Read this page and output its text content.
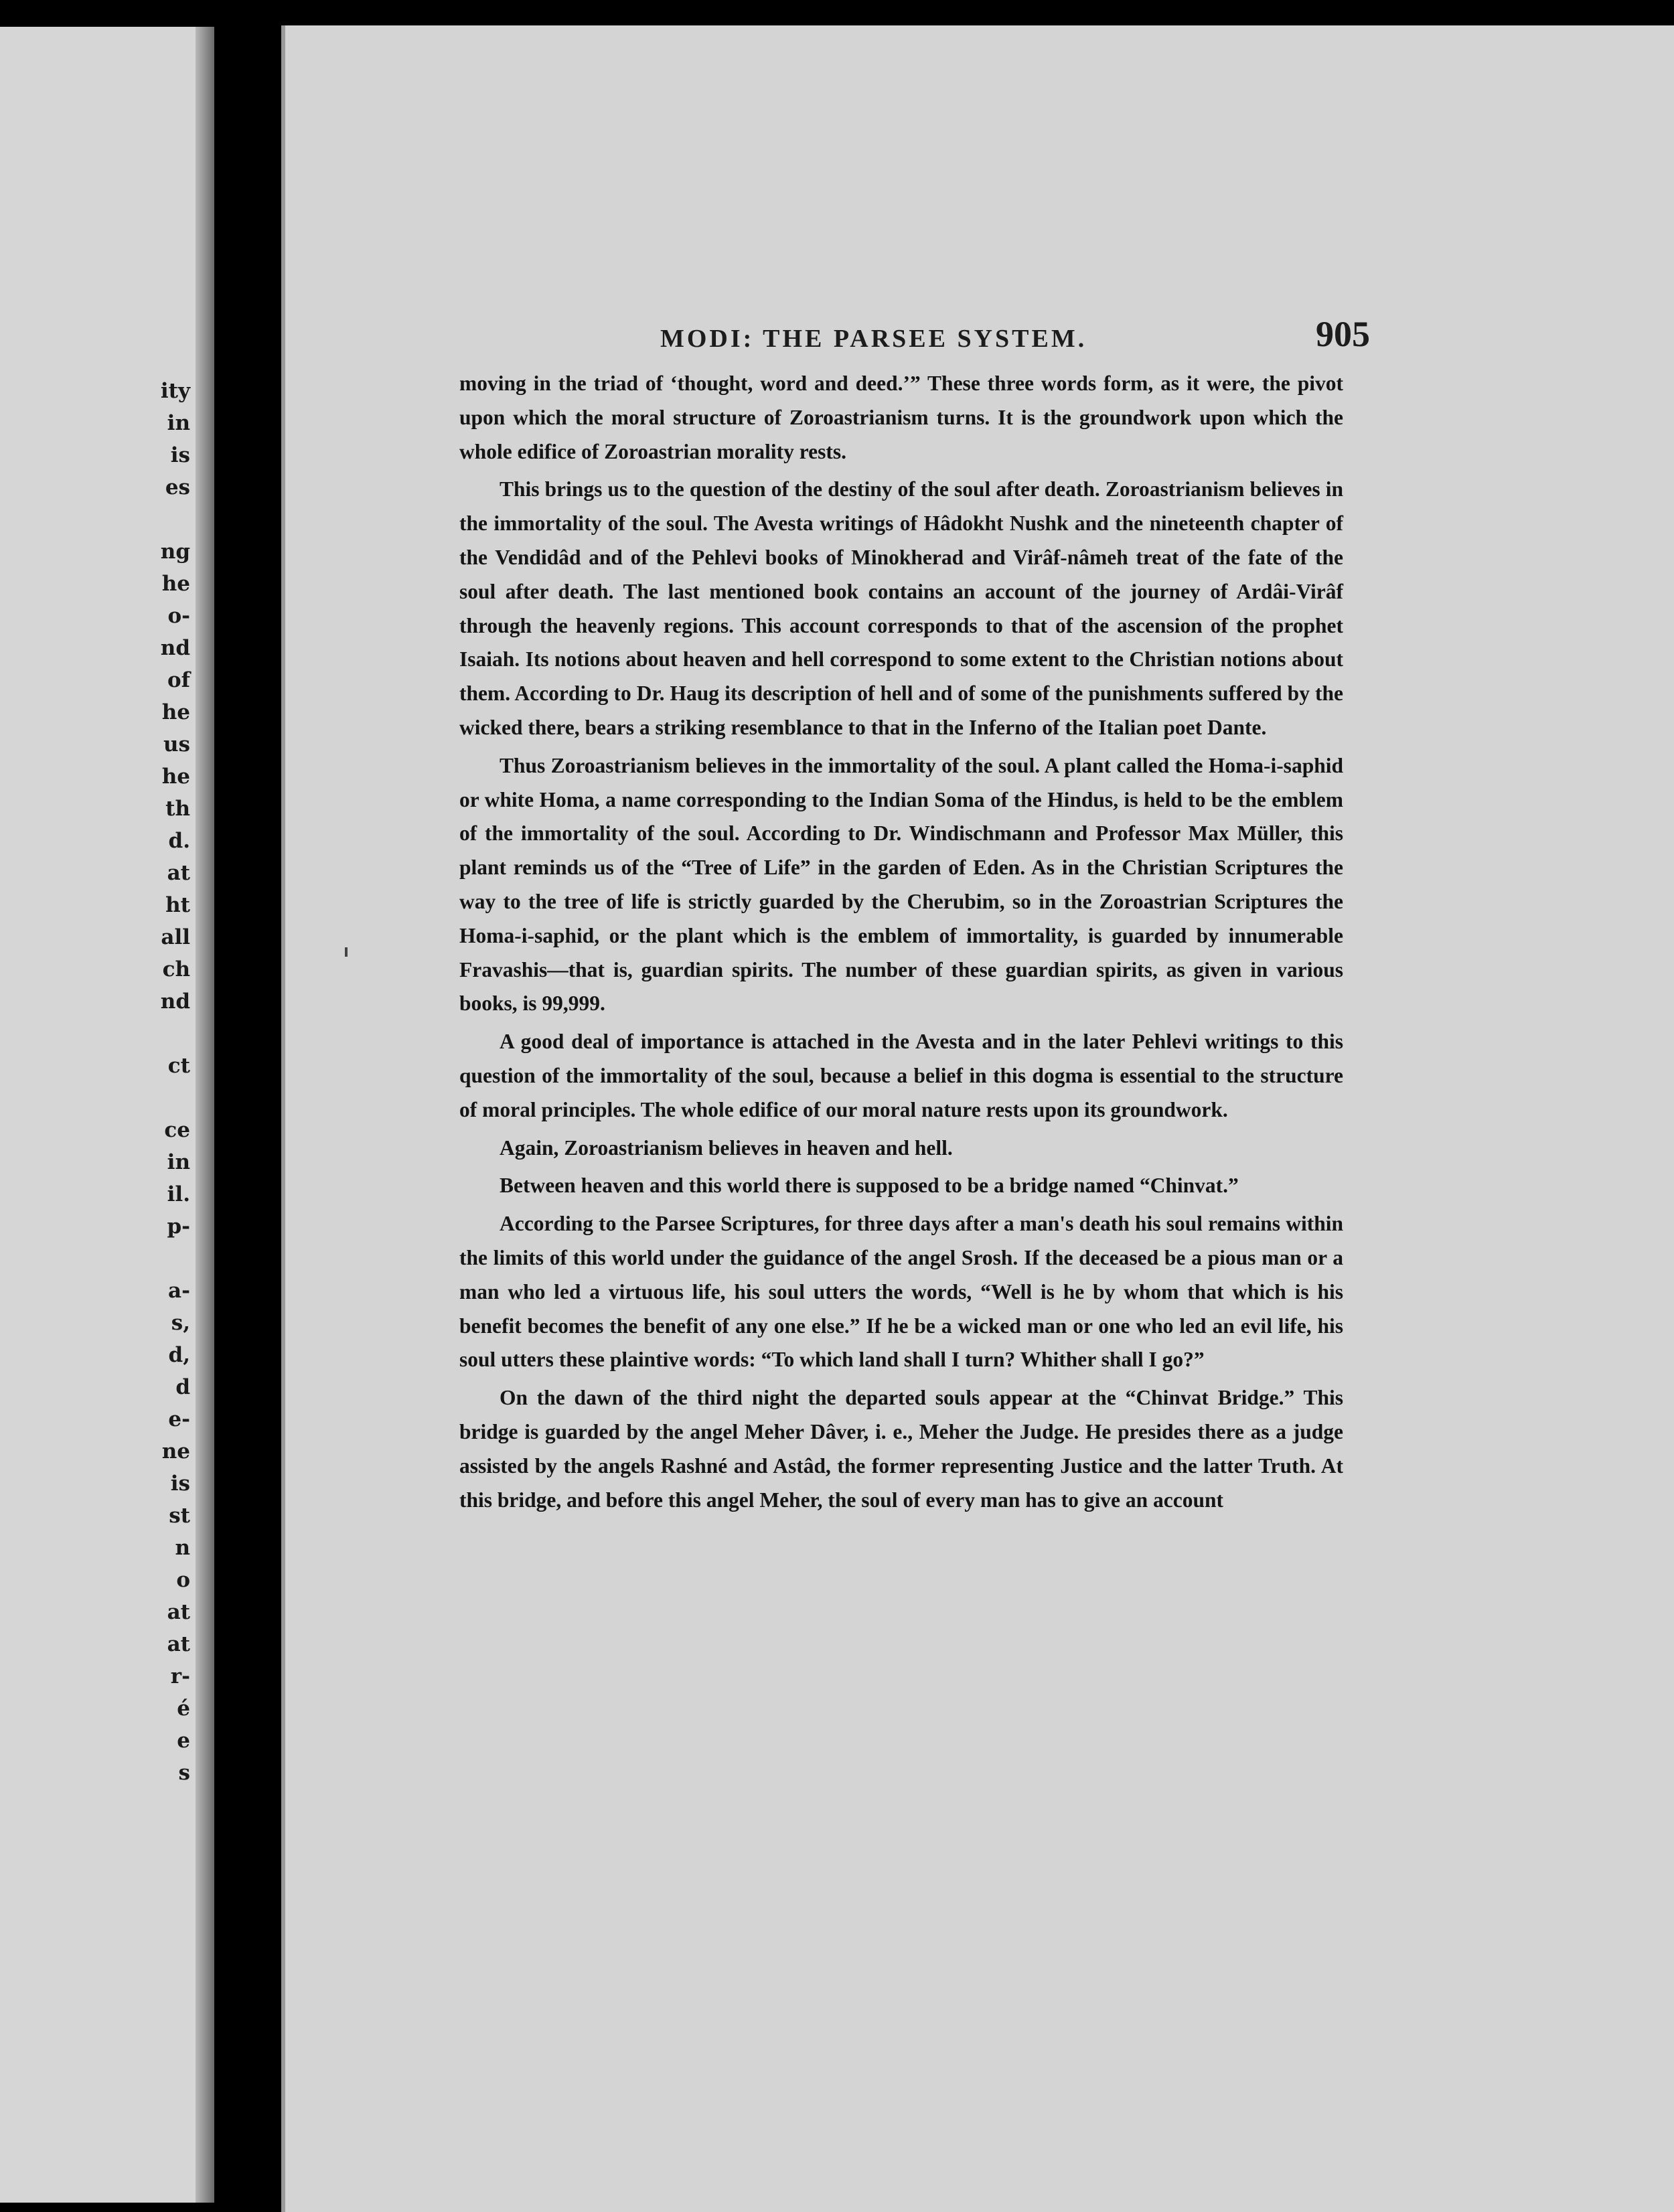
ity
in
is
es
ng
he
o-
nd
of
he
us
he
th
d.
at
ht
all
ch
nd
ct
ce
in
il.
p-
a-
s,
d,
d
e-
ne
is
st
n
o
at
at
r-
é
e
s
MODI: THE PARSEE SYSTEM.	905

moving in the triad of ‘thought, word and deed.’” These three words form, as it were, the pivot upon which the moral structure of Zoroastrianism turns. It is the groundwork upon which the whole edifice of Zoroastrian morality rests.

This brings us to the question of the destiny of the soul after death. Zoroastrianism believes in the immortality of the soul. The Avesta writings of Hâdokht Nushk and the nineteenth chapter of the Vendidâd and of the Pehlevi books of Minokherad and Virâf-nâmeh treat of the fate of the soul after death. The last mentioned book contains an account of the journey of Ardâi-Virâf through the heavenly regions. This account corresponds to that of the ascension of the prophet Isaiah. Its notions about heaven and hell correspond to some extent to the Christian notions about them. According to Dr. Haug its description of hell and of some of the punishments suffered by the wicked there, bears a striking resemblance to that in the Inferno of the Italian poet Dante.

Thus Zoroastrianism believes in the immortality of the soul. A plant called the Homa-i-saphid or white Homa, a name corresponding to the Indian Soma of the Hindus, is held to be the emblem of the immortality of the soul. According to Dr. Windischmann and Professor Max Müller, this plant reminds us of the “Tree of Life” in the garden of Eden. As in the Christian Scriptures the way to the tree of life is strictly guarded by the Cherubim, so in the Zoroastrian Scriptures the Homa-i-saphid, or the plant which is the emblem of immortality, is guarded by innumerable Fravashis—that is, guardian spirits. The number of these guardian spirits, as given in various books, is 99,999.

A good deal of importance is attached in the Avesta and in the later Pehlevi writings to this question of the immortality of the soul, because a belief in this dogma is essential to the structure of moral principles. The whole edifice of our moral nature rests upon its groundwork.

Again, Zoroastrianism believes in heaven and hell.

Between heaven and this world there is supposed to be a bridge named “Chinvat.”

According to the Parsee Scriptures, for three days after a man's death his soul remains within the limits of this world under the guidance of the angel Srosh. If the deceased be a pious man or a man who led a virtuous life, his soul utters the words, “Well is he by whom that which is his benefit becomes the benefit of any one else.” If he be a wicked man or one who led an evil life, his soul utters these plaintive words: “To which land shall I turn? Whither shall I go?”

On the dawn of the third night the departed souls appear at the “Chinvat Bridge.” This bridge is guarded by the angel Meher Dâver, i. e., Meher the Judge. He presides there as a judge assisted by the angels Rashné and Astâd, the former representing Justice and the latter Truth. At this bridge, and before this angel Meher, the soul of every man has to give an account
